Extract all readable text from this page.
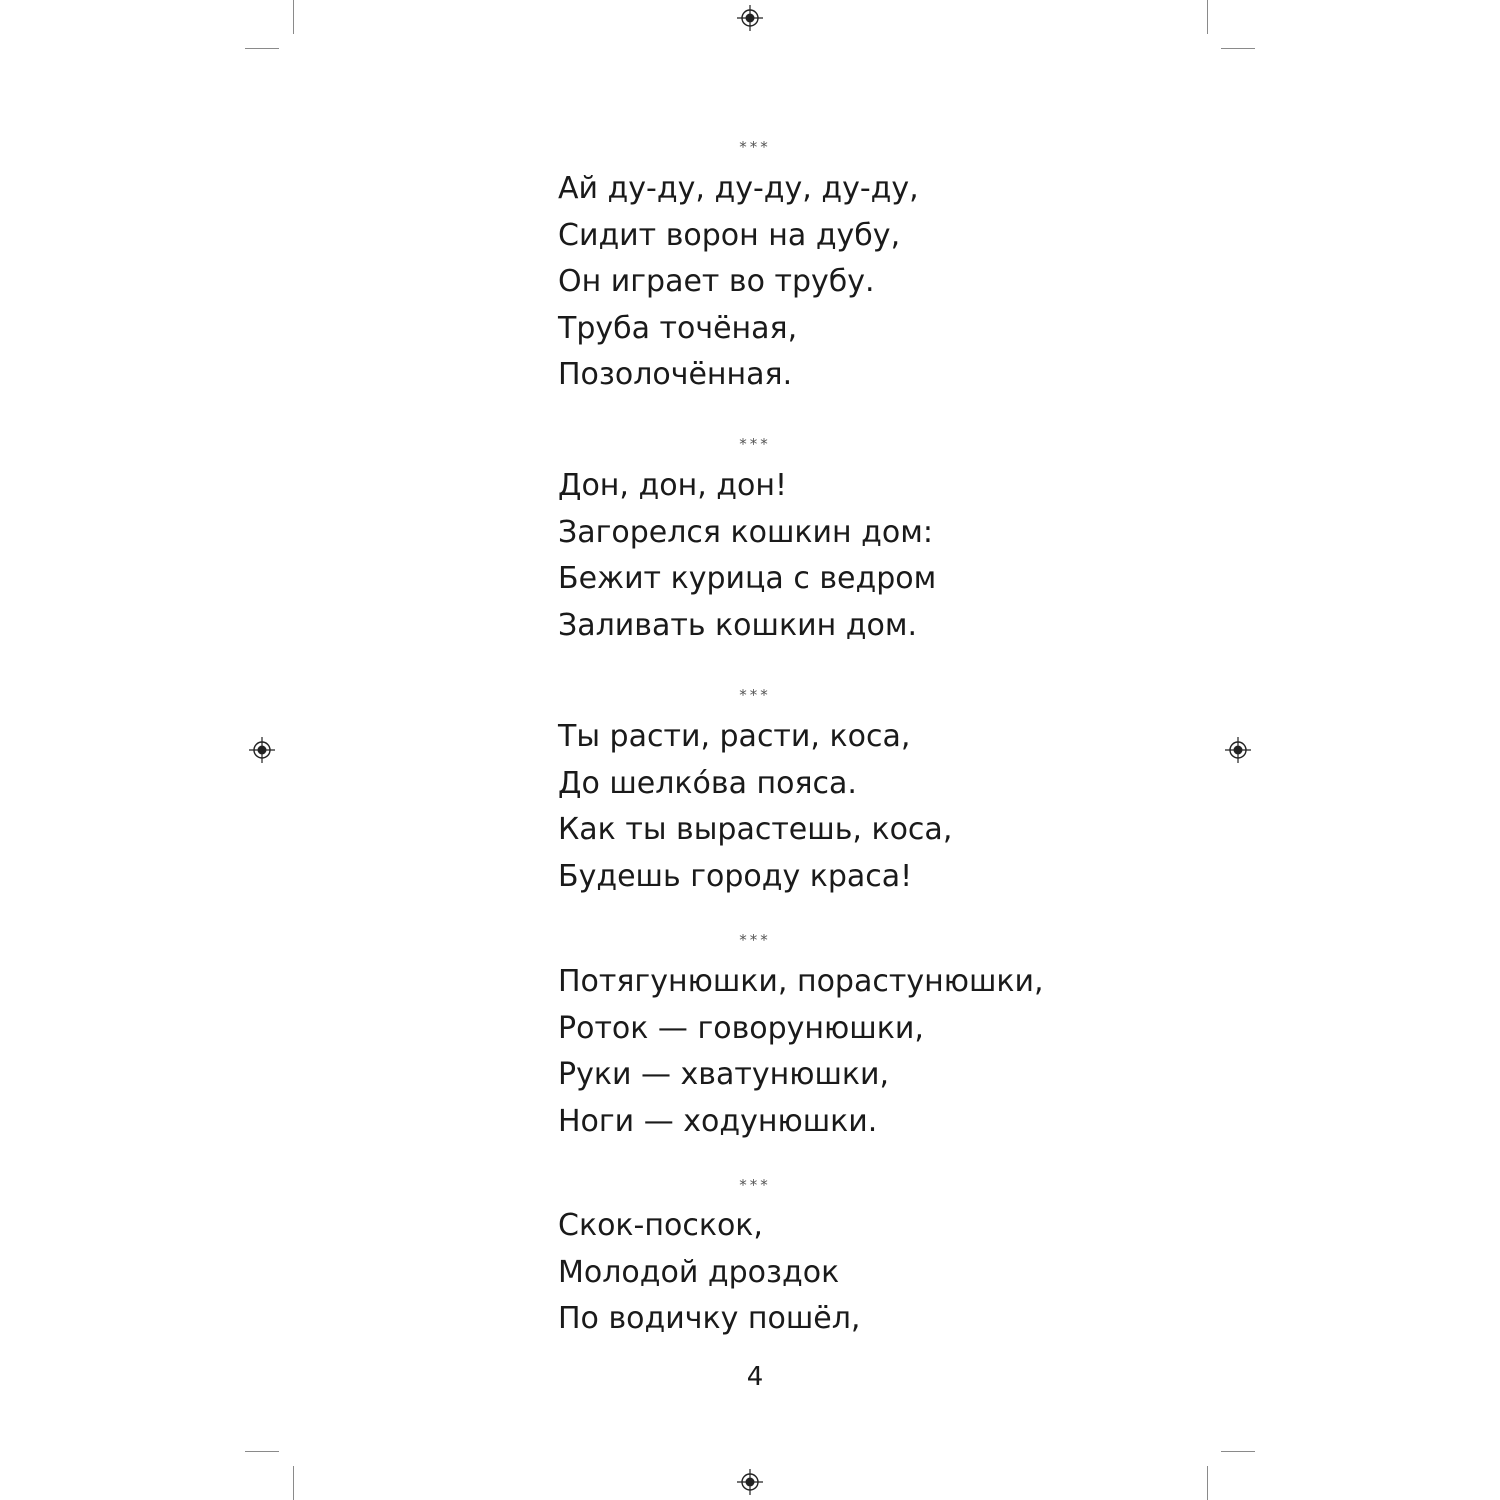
***
Ай ду-ду, ду-ду, ду-ду,
Сидит ворон на дубу,
Он играет во трубу.
Труба точёная,
Позолочённая.
***
Дон, дон, дон!
Загорелся кошкин дом:
Бежит курица с ведром
Заливать кошкин дом.
***
Ты расти, расти, коса,
До шелко́ва пояса.
Как ты вырастешь, коса,
Будешь городу краса!
***
Потягунюшки, порастунюшки,
Роток — говорунюшки,
Руки — хватунюшки,
Ноги — ходунюшки.
***
Скок-поскок,
Молодой дроздок
По водичку пошёл,
4
